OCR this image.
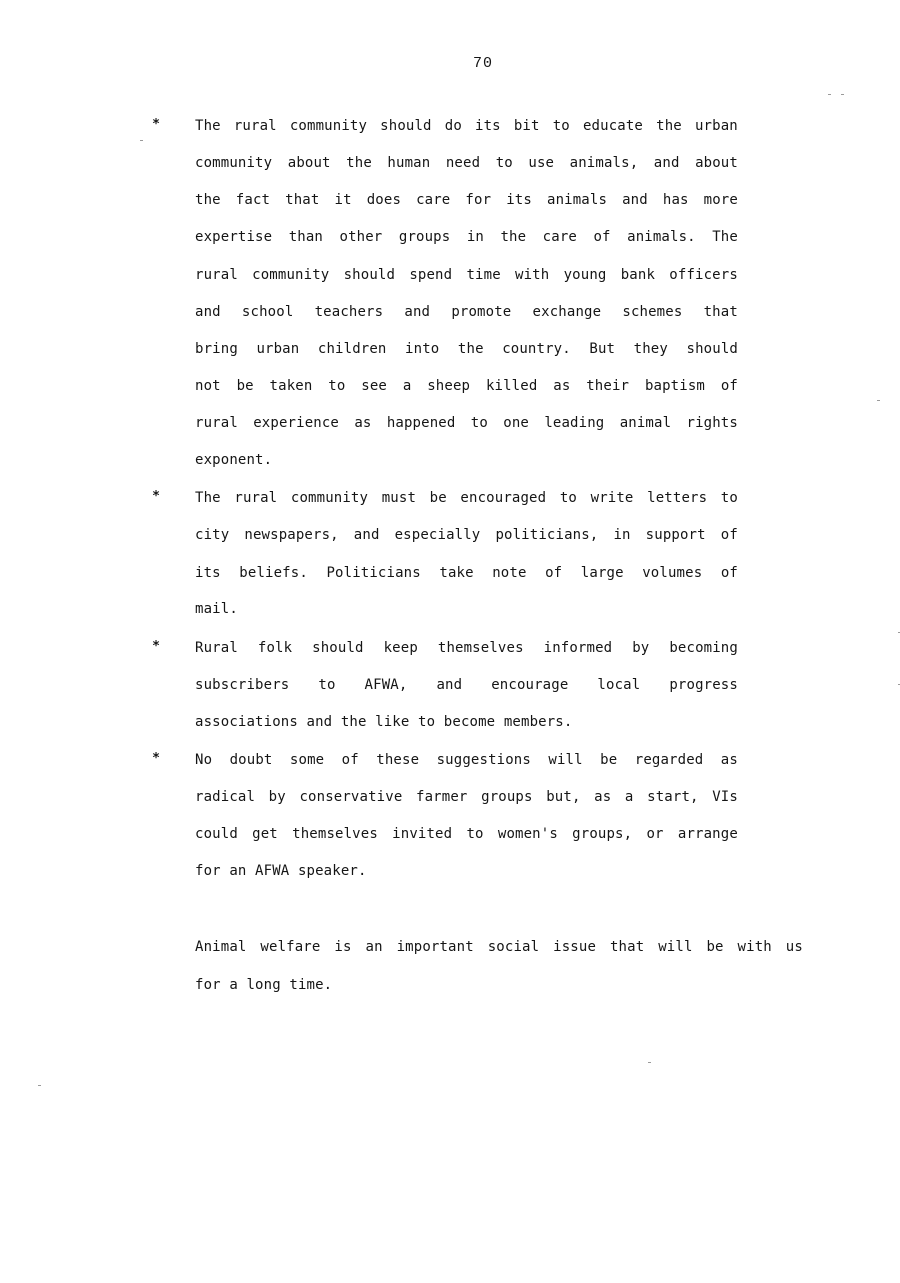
70
*	The rural community should do its bit to educate the urban
community about the human need to use animals, and about
the fact that it does care for its animals and has more
expertise than other groups in the care of animals. The
rural community should spend time with young bank officers
and school teachers and promote exchange schemes that
bring urban children into the country. But they should
not be taken to see a sheep killed as their baptism of
rural experience as happened to one leading animal rights
exponent.
*	The rural community must be encouraged to write letters to
city newspapers, and especially politicians, in support of
its beliefs. Politicians take note of large volumes of
mail.
*	Rural folk should keep themselves informed by becoming
subscribers to AFWA, and encourage local progress
associations and the like to become members.
*	No doubt some of these suggestions will be regarded as
radical by conservative farmer groups but, as a start, VIs
could get themselves invited to women's groups, or arrange
for an AFWA speaker.
Animal welfare is an important social issue that will be with us
for a long time.
